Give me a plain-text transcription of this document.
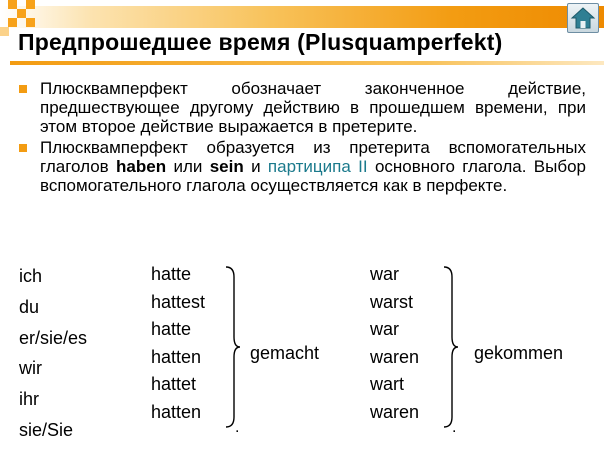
Предпрошедшее время (Plusquamperfekt)
Плюсквамперфект обозначает законченное действие, предшествующее другому действию в прошедшем времени, при этом второе действие выражается в претерите.
Плюсквамперфект образуется из претерита вспомогательных глаголов haben или sein и партиципа II основного глагола. Выбор вспомогательного глагола осуществляется как в перфекте.
ich
du
er/sie/es
wir
ihr
sie/Sie
hatte
hattest
hatte
hatten
hattet
hatten
gemacht
.
war
warst
war
waren
wart
waren
gekommen
.
